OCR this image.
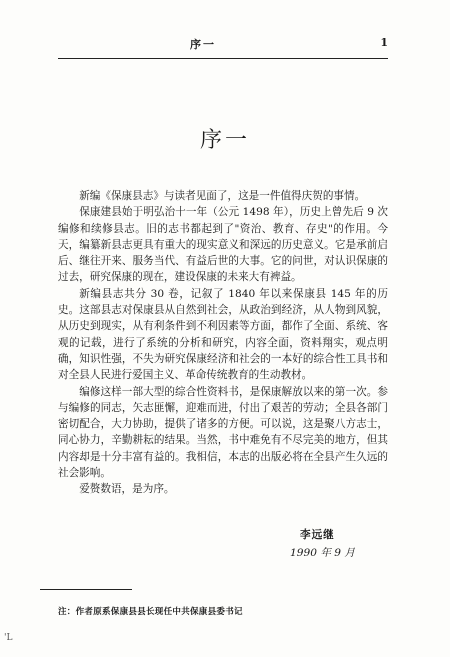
序一	1
序一

新编《保康县志》与读者见面了，这是一件值得庆贺的事情。

保康建县始于明弘治十一年（公元 1498 年），历史上曾先后 9 次编修和续修县志。旧的志书都起到了"资治、教育、存史"的作用。今天，编纂新县志更具有重大的现实意义和深远的历史意义。它是承前启后、继往开来、服务当代、有益后世的大事。它的问世，对认识保康的过去，研究保康的现在，建设保康的未来大有裨益。

新编县志共分 30 卷，记叙了 1840 年以来保康县 145 年的历史。这部县志对保康县从自然到社会，从政治到经济，从人物到风貌，从历史到现实，从有利条件到不利因素等方面，都作了全面、系统、客观的记载，进行了系统的分析和研究，内容全面，资料翔实，观点明确，知识性强，不失为研究保康经济和社会的一本好的综合性工具书和对全县人民进行爱国主义、革命传统教育的生动教材。

编修这样一部大型的综合性资料书，是保康解放以来的第一次。参与编修的同志，矢志匪懈，迎难而进，付出了艰苦的劳动；全县各部门密切配合，大力协助，提供了诸多的方便。可以说，这是聚八方志士，同心协力，辛勤耕耘的结果。当然，书中难免有不尽完美的地方，但其内容却是十分丰富有益的。我相信，本志的出版必将在全县产生久远的社会影响。

爱赘数语，是为序。

李远继
1990 年 9 月
注：作者原系保康县县长现任中共保康县委书记
'L
